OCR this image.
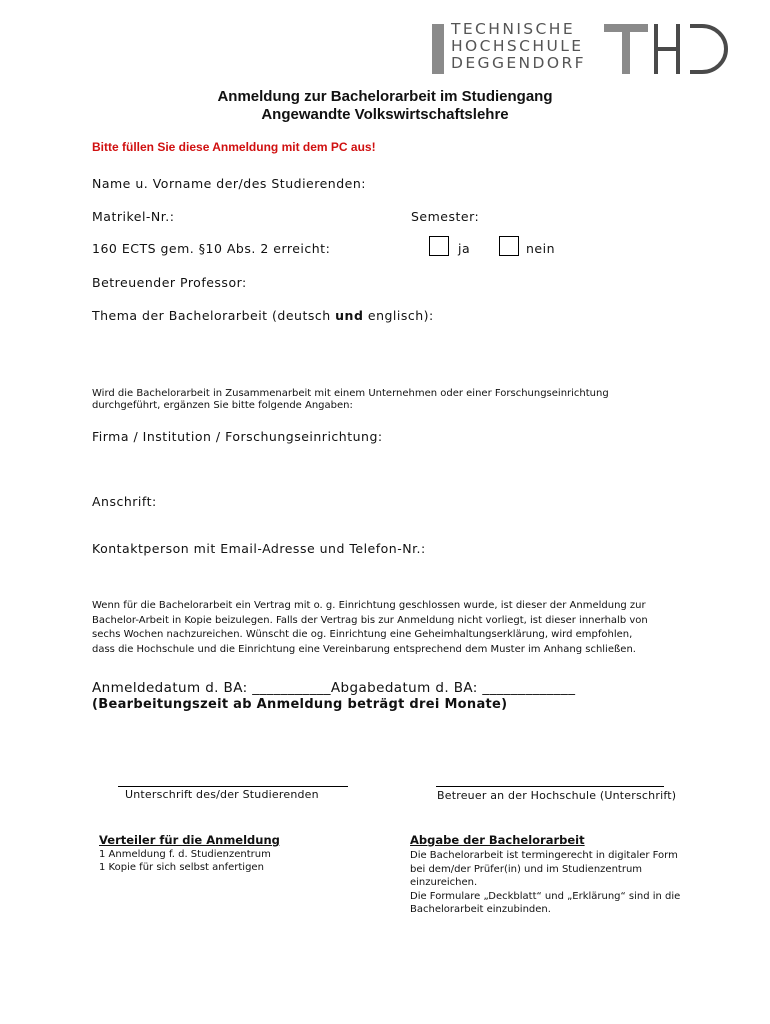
TECHNISCHE
HOCHSCHULE
DEGGENDORF
Anmeldung zur Bachelorarbeit im Studiengang
Angewandte Volkswirtschaftslehre
Bitte füllen Sie diese Anmeldung mit dem PC aus!
Name u. Vorname der/des Studierenden:
Matrikel-Nr.:	Semester:
160 ECTS gem. §10 Abs. 2 erreicht:	ja	nein
Betreuender Professor:
Thema der Bachelorarbeit (deutsch und englisch):
Wird die Bachelorarbeit in Zusammenarbeit mit einem Unternehmen oder einer Forschungseinrichtung
durchgeführt, ergänzen Sie bitte folgende Angaben:
Firma / Institution / Forschungseinrichtung:
Anschrift:
Kontaktperson mit Email-Adresse und Telefon-Nr.:
Wenn für die Bachelorarbeit ein Vertrag mit o. g. Einrichtung geschlossen wurde, ist dieser der Anmeldung zur
Bachelor-Arbeit in Kopie beizulegen. Falls der Vertrag bis zur Anmeldung nicht vorliegt, ist dieser innerhalb von
sechs Wochen nachzureichen. Wünscht die og. Einrichtung eine Geheimhaltungserklärung, wird empfohlen,
dass die Hochschule und die Einrichtung eine Vereinbarung entsprechend dem Muster im Anhang schließen.
Anmeldedatum d. BA: ___________Abgabedatum d. BA: _____________
(Bearbeitungszeit ab Anmeldung beträgt drei Monate)
Unterschrift des/der Studierenden	Betreuer an der Hochschule (Unterschrift)
Verteiler für die Anmeldung
1 Anmeldung f. d. Studienzentrum
1 Kopie für sich selbst anfertigen
Abgabe der Bachelorarbeit
Die Bachelorarbeit ist termingerecht in digitaler Form
bei dem/der Prüfer(in) und im Studienzentrum
einzureichen.
Die Formulare „Deckblatt“ und „Erklärung“ sind in die
Bachelorarbeit einzubinden.
